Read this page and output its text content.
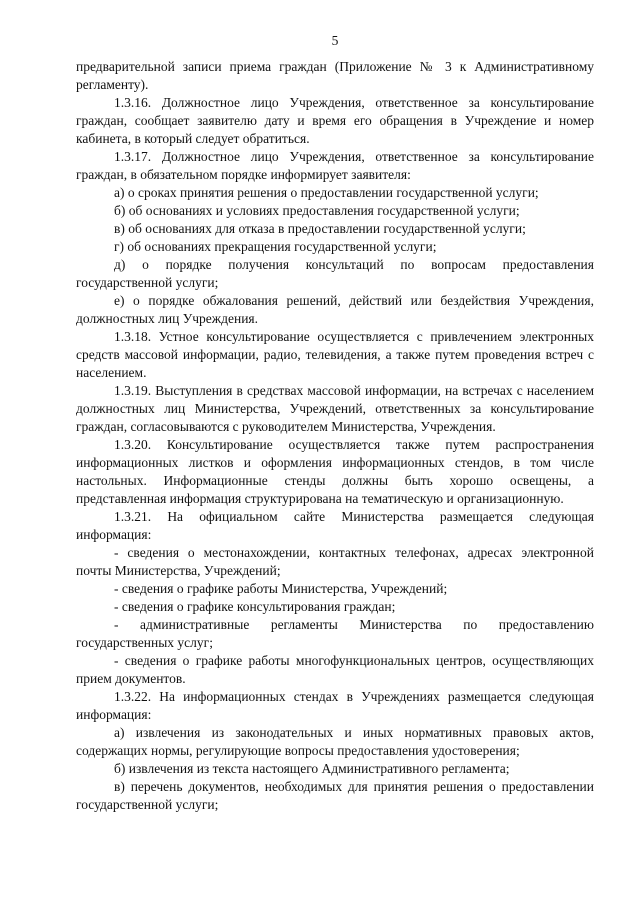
5

предварительной записи приема граждан (Приложение № 3 к Административному регламенту).

1.3.16. Должностное лицо Учреждения, ответственное за консультирование граждан, сообщает заявителю дату и время его обращения в Учреждение и номер кабинета, в который следует обратиться.

1.3.17. Должностное лицо Учреждения, ответственное за консультирование граждан, в обязательном порядке информирует заявителя:

а) о сроках принятия решения о предоставлении государственной услуги;

б) об основаниях и условиях предоставления государственной услуги;

в) об основаниях для отказа в предоставлении государственной услуги;

г) об основаниях прекращения государственной услуги;

д) о порядке получения консультаций по вопросам предоставления государственной услуги;

е) о порядке обжалования решений, действий или бездействия Учреждения, должностных лиц Учреждения.

1.3.18. Устное консультирование осуществляется с привлечением электронных средств массовой информации, радио, телевидения, а также путем проведения встреч с населением.

1.3.19. Выступления в средствах массовой информации, на встречах с населением должностных лиц Министерства, Учреждений, ответственных за консультирование граждан, согласовываются с руководителем Министерства, Учреждения.

1.3.20. Консультирование осуществляется также путем распространения информационных листков и оформления информационных стендов, в том числе настольных. Информационные стенды должны быть хорошо освещены, а представленная информация структурирована на тематическую и организационную.

1.3.21. На официальном сайте Министерства размещается следующая информация:

- сведения о местонахождении, контактных телефонах, адресах электронной почты Министерства, Учреждений;

- сведения о графике работы Министерства, Учреждений;

- сведения о графике консультирования граждан;

- административные регламенты Министерства по предоставлению государственных услуг;

- сведения о графике работы многофункциональных центров, осуществляющих прием документов.

1.3.22. На информационных стендах в Учреждениях размещается следующая информация:

а) извлечения из законодательных и иных нормативных правовых актов, содержащих нормы, регулирующие вопросы предоставления удостоверения;

б) извлечения из текста настоящего Административного регламента;

в) перечень документов, необходимых для принятия решения о предоставлении государственной услуги;
